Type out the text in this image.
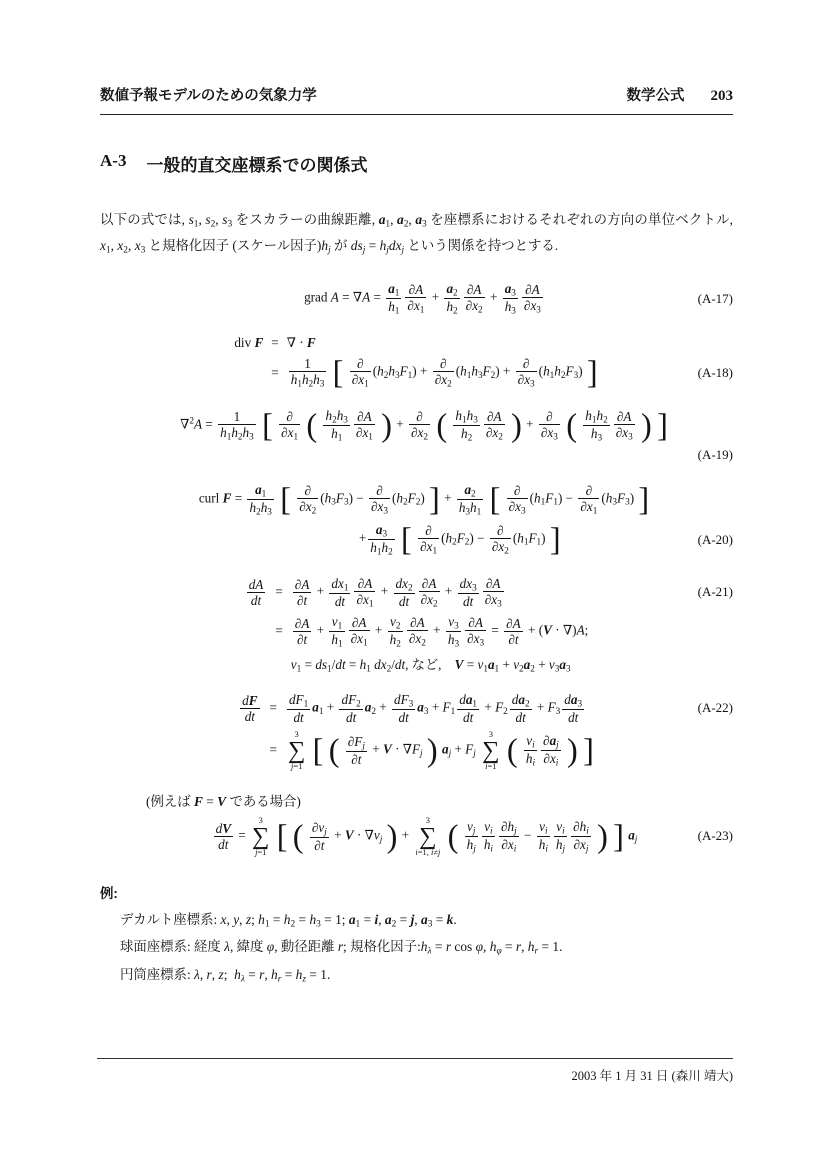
数値予報モデルのための気象力学	数学公式 203
A-3 一般的直交座標系での関係式

以下の式では, $s_1$, $s_2$, $s_3$ をスカラーの曲線距離, $a_1$, $a_2$, $a_3$ を座標系におけるそれぞれの方向の単位ベクトル, $x_1$, $x_2$, $x_3$ と規格化因子 (スケール因子)$h_j$ が $ds_j = h_jdx_j$ という関係を持つとする.

grad $A = \nabla A = \frac{a_1}{h_1} \frac{\partial A}{\partial x_1} + \frac{a_2}{h_2} \frac{\partial A}{\partial x_2} + \frac{a_3}{h_3} \frac{\partial A}{\partial x_3}$	(A-17)
div F = ∇ · F
= $\frac{1}{h_1h_2h_3}$ [ $\frac{\partial}{\partial x_1} (h_2h_3F_1) + \frac{\partial}{\partial x_2} (h_1h_3F_2) + \frac{\partial}{\partial x_3} (h_1h_2F_3)$ ]	(A-18)
$\nabla^2A = \frac{1}{h_1h_2h_3}$ [ $\frac{\partial}{\partial x_1}$ ( $\frac{h_2h_3}{h_1} \frac{\partial A}{\partial x_1}$ ) + $\frac{\partial}{\partial x_2}$ ( $\frac{h_1h_3}{h_2} \frac{\partial A}{\partial x_2}$ ) + $\frac{\partial}{\partial x_3}$ ( $\frac{h_1h_2}{h_3} \frac{\partial A}{\partial x_3}$ ) ]
(A-19)
curl $F = \frac{a_1}{h_2h_3}$ [ $\frac{\partial}{\partial x_2} (h_3F_3) - \frac{\partial}{\partial x_3} (h_2F_2)$ ] + $\frac{a_2}{h_3h_1}$ [ $\frac{\partial}{\partial x_3} (h_1F_1) - \frac{\partial}{\partial x_1} (h_3F_3)$ ]
+ $\frac{a_3}{h_1h_2}$ [ $\frac{\partial}{\partial x_1} (h_2F_2) - \frac{\partial}{\partial x_2} (h_1F_1)$ ]	(A-20)
$\frac{dA}{dt} = \frac{\partial A}{\partial t} + \frac{dx_1}{dt} \frac{\partial A}{\partial x_1} + \frac{dx_2}{dt} \frac{\partial A}{\partial x_2} + \frac{dx_3}{dt} \frac{\partial A}{\partial x_3}$
= $\frac{\partial A}{\partial t} + \frac{v_1}{h_1} \frac{\partial A}{\partial x_1} + \frac{v_2}{h_2} \frac{\partial A}{\partial x_2} + \frac{v_3}{h_3} \frac{\partial A}{\partial x_3} = \frac{\partial A}{\partial t} + (V \cdot \nabla)A$;
$v_1 = ds_1/dt = h_1$ $dx_2/dt$, など, $V = v_1a_1 + v_2a_2 + v_3a_3$
(A-21)
$\frac{dF}{dt} = \frac{dF_1}{dt} a_1 + \frac{dF_2}{dt} a_2 + \frac{dF_3}{dt} a_3 + F_1 \frac{da_1}{dt} + F_2 \frac{da_2}{dt} + F_3 \frac{da_3}{dt}$
=
3
∑
j=1 [ ( $\frac{\partial F_j}{\partial t} + V \cdot \nabla F_j$ ) $a_j + F_j$
3
∑
i=1 ( $\frac{v_i}{h_i} \frac{\partial a_j}{\partial x_i}$ ) ]
(A-22)
(例えば F = V である場合)
$\frac{dV}{dt}$ =
3
∑
j=1 [ ( $\frac{\partial v_j}{\partial t} + V \cdot \nabla v_j$ ) +
3
∑
i=1, i≠j ( $\frac{v_j}{h_j} \frac{v_i}{h_i} \frac{\partial h_j}{\partial x_i} - \frac{v_i}{h_i} \frac{v_i}{h_j} \frac{\partial h_i}{\partial x_j}$ ) ] $a_j$	(A-23)
例:
デカルト座標系: x, y, z; $h_1 = h_2 = h_3 = 1$; $a_1 = i$, $a_2 = j$, $a_3 = k$.
球面座標系: 経度 λ, 緯度 φ, 動径距離 r; 規格化因子$:h_\lambda = r$ cos φ, $h_\varphi = r$, $h_r = 1$.
円筒座標系: λ, r, z; $h_\lambda = r$, $h_r = h_z = 1$.
2003 年 1 月 31 日 (森川 靖大)
